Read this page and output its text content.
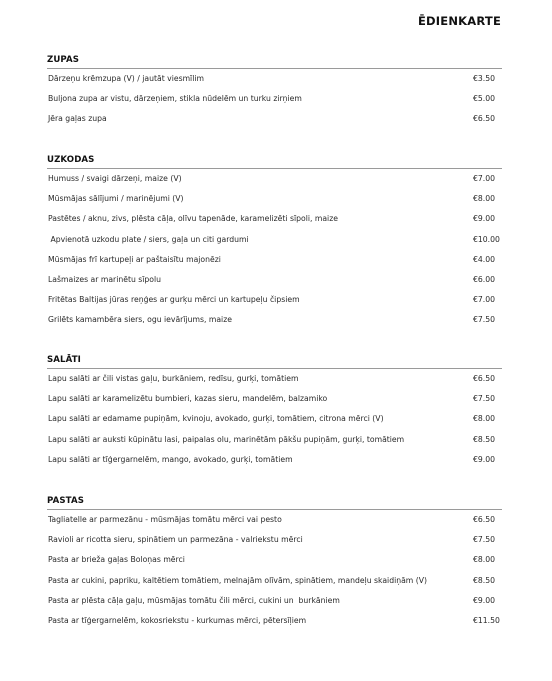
ĒDIENKARTE
ZUPAS
Dārzeņu krēmzupa (V) / jautāt viesmīlim	€3.50
Buljona zupa ar vistu, dārzeņiem, stikla nūdelēm un turku zirņiem	€5.00
Jēra gaļas zupa	€6.50
UZKODAS
Humuss / svaigi dārzeņi, maize (V)	€7.00
Mūsmājas sālījumi / marinējumi (V)	€8.00
Pastētes / aknu, zivs, plēsta cāļa, olīvu tapenāde, karamelizēti sīpoli, maize	€9.00
Apvienotā uzkodu plate / siers, gaļa un citi gardumi	€10.00
Mūsmājas frī kartupeļi ar paštaisītu majonēzi	€4.00
Lašmaizes ar marinētu sīpolu	€6.00
Fritētas Baltijas jūras reņģes ar gurķu mērci un kartupeļu čipsiem	€7.00
Grilēts kamambēra siers, ogu ievārījums, maize	€7.50
SALĀTI
Lapu salāti ar čili vistas gaļu, burkāniem, redīsu, gurķi, tomātiem	€6.50
Lapu salāti ar karamelizētu bumbieri, kazas sieru, mandelēm, balzamiko	€7.50
Lapu salāti ar edamame pupiņām, kvinoju, avokado, gurķi, tomātiem, citrona mērci (V)	€8.00
Lapu salāti ar auksti kūpinātu lasi, paipalas olu, marinētām pākšu pupiņām, gurķi, tomātiem	€8.50
Lapu salāti ar tīģergarnelēm, mango, avokado, gurķi, tomātiem	€9.00
PASTAS
Tagliatelle ar parmezānu - mūsmājas tomātu mērci vai pesto	€6.50
Ravioli ar ricotta sieru, spinātiem un parmezāna - valriekstu mērci	€7.50
Pasta ar brieža gaļas Boloņas mērci	€8.00
Pasta ar cukini, papriku, kaltētiem tomātiem, melnajām olīvām, spinātiem, mandeļu skaidiņām (V)	€8.50
Pasta ar plēsta cāļa gaļu, mūsmājas tomātu čili mērci, cukini un  burkāniem	€9.00
Pasta ar tīģergarnelēm, kokosriekstu - kurkumas mērci, pētersīļiem	€11.50
